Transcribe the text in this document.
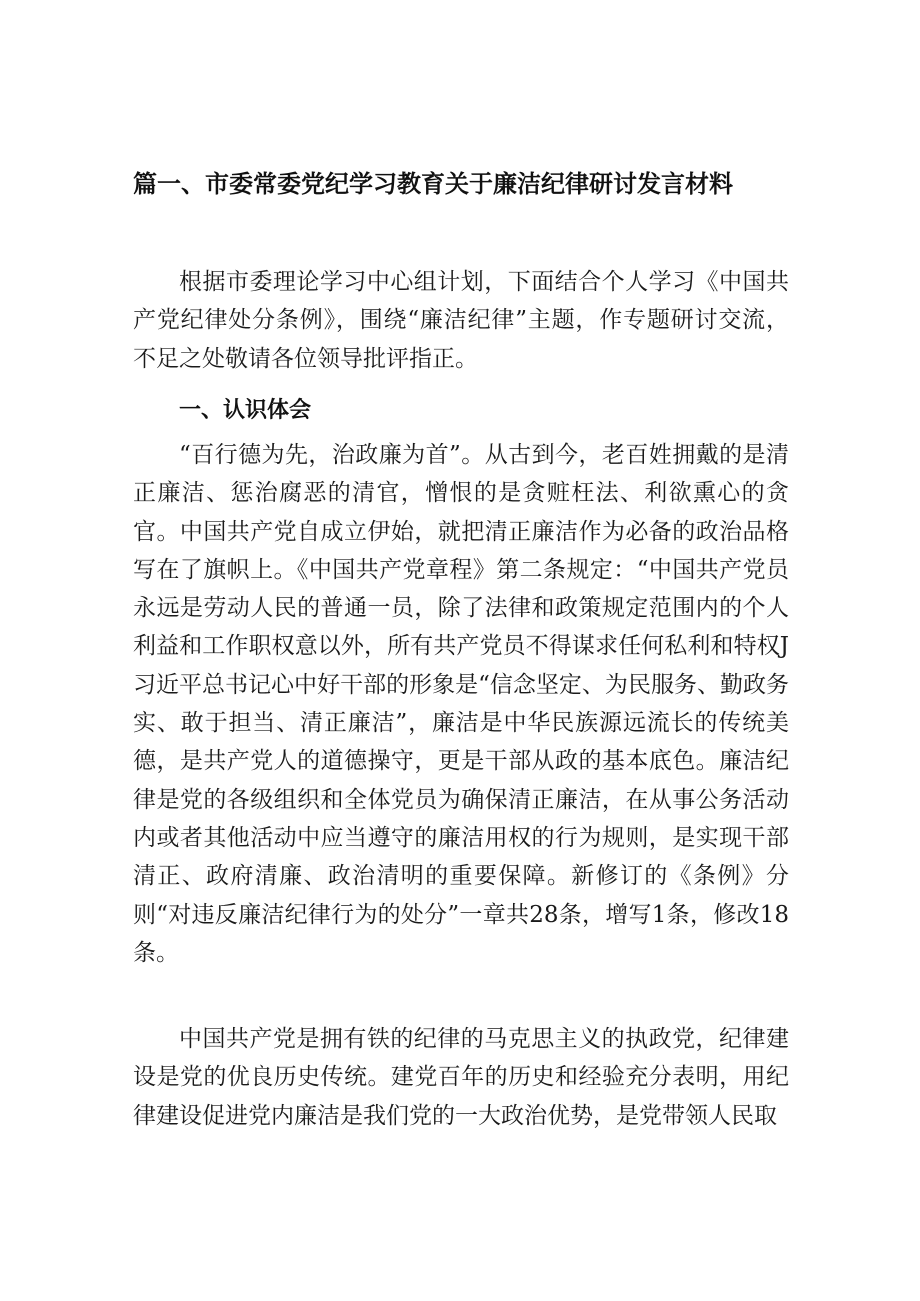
篇一、市委常委党纪学习教育关于廉洁纪律研讨发言材料

根据市委理论学习中心组计划，下面结合个人学习《中国共产党纪律处分条例》，围绕“廉洁纪律”主题，作专题研讨交流，不足之处敬请各位领导批评指正。

一、认识体会

“百行德为先，治政廉为首”。从古到今，老百姓拥戴的是清正廉洁、惩治腐恶的清官，憎恨的是贪赃枉法、利欲熏心的贪官。中国共产党自成立伊始，就把清正廉洁作为必备的政治品格写在了旗帜上。《中国共产党章程》第二条规定：“中国共产党员永远是劳动人民的普通一员，除了法律和政策规定范围内的个人利益和工作职权意以外，所有共产党员不得谋求任何私利和特权J习近平总书记心中好干部的形象是“信念坚定、为民服务、勤政务实、敢于担当、清正廉洁”，廉洁是中华民族源远流长的传统美德，是共产党人的道德操守，更是干部从政的基本底色。廉洁纪律是党的各级组织和全体党员为确保清正廉洁，在从事公务活动内或者其他活动中应当遵守的廉洁用权的行为规则，是实现干部清正、政府清廉、政治清明的重要保障。新修订的《条例》分则“对违反廉洁纪律行为的处分”一章共28条，增写1条，修改18条。

中国共产党是拥有铁的纪律的马克思主义的执政党，纪律建设是党的优良历史传统。建党百年的历史和经验充分表明，用纪律建设促进党内廉洁是我们党的一大政治优势，是党带领人民取
